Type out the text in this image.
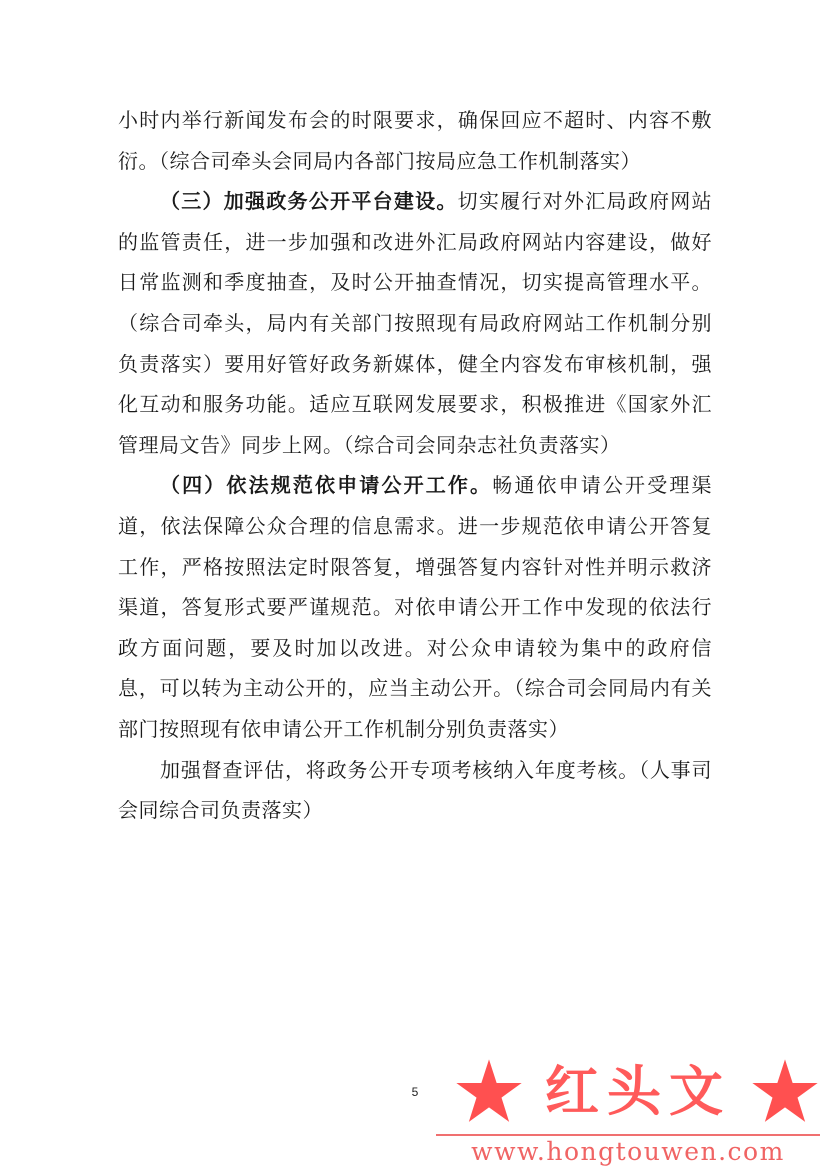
小时内举行新闻发布会的时限要求，确保回应不超时、内容不敷衍。（综合司牵头会同局内各部门按局应急工作机制落实）

（三）加强政务公开平台建设。切实履行对外汇局政府网站的监管责任，进一步加强和改进外汇局政府网站内容建设，做好日常监测和季度抽查，及时公开抽查情况，切实提高管理水平。（综合司牵头，局内有关部门按照现有局政府网站工作机制分别负责落实）要用好管好政务新媒体，健全内容发布审核机制，强化互动和服务功能。适应互联网发展要求，积极推进《国家外汇管理局文告》同步上网。（综合司会同杂志社负责落实）

（四）依法规范依申请公开工作。畅通依申请公开受理渠道，依法保障公众合理的信息需求。进一步规范依申请公开答复工作，严格按照法定时限答复，增强答复内容针对性并明示救济渠道，答复形式要严谨规范。对依申请公开工作中发现的依法行政方面问题，要及时加以改进。对公众申请较为集中的政府信息，可以转为主动公开的，应当主动公开。（综合司会同局内有关部门按照现有依申请公开工作机制分别负责落实）

加强督查评估，将政务公开专项考核纳入年度考核。（人事司会同综合司负责落实）

5 红头文
www.hongtouwen.com
